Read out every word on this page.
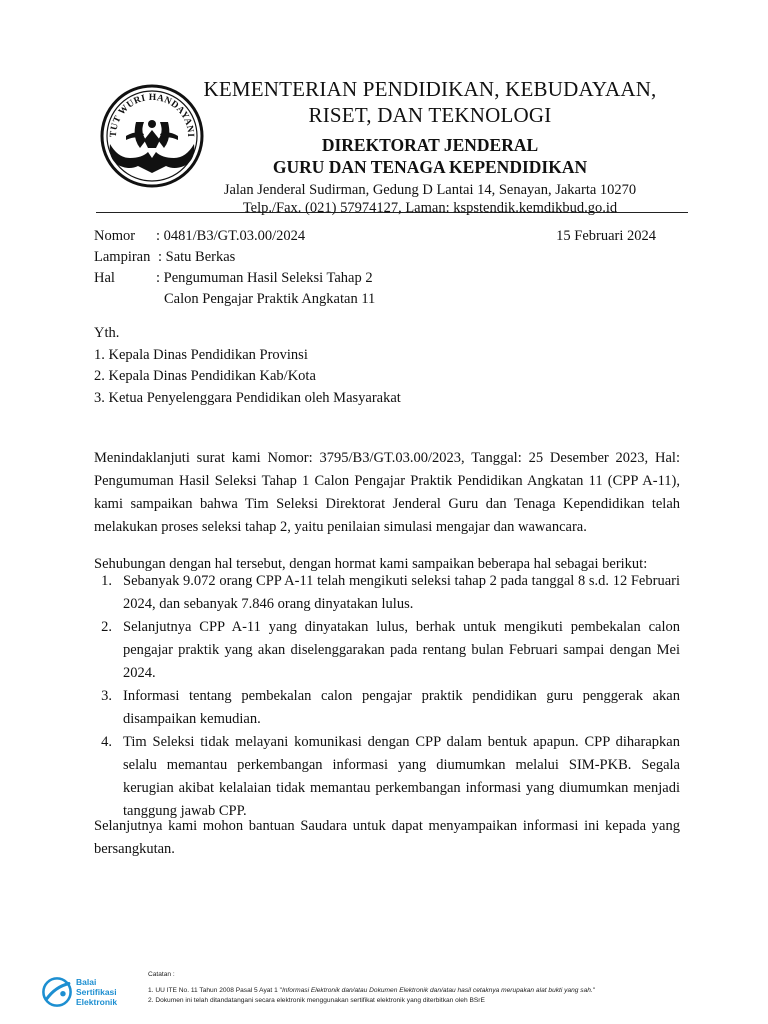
TUT WURI HANDAYANI
KEMENTERIAN PENDIDIKAN, KEBUDAYAAN,
RISET, DAN TEKNOLOGI
DIREKTORAT JENDERAL
GURU DAN TENAGA KEPENDIDIKAN
Jalan Jenderal Sudirman, Gedung D Lantai 14, Senayan, Jakarta 10270
Telp./Fax. (021) 57974127, Laman: kspstendik.kemdikbud.go.id
Nomor : 0481/B3/GT.03.00/2024	15 Februari 2024
Lampiran : Satu Berkas
Hal	: Pengumuman Hasil Seleksi Tahap 2
Calon Pengajar Praktik Angkatan 11
Yth.
1. Kepala Dinas Pendidikan Provinsi
2. Kepala Dinas Pendidikan Kab/Kota
3. Ketua Penyelenggara Pendidikan oleh Masyarakat
Menindaklanjuti surat kami Nomor: 3795/B3/GT.03.00/2023, Tanggal: 25 Desember 2023, Hal: Pengumuman Hasil Seleksi Tahap 1 Calon Pengajar Praktik Pendidikan Angkatan 11 (CPP A-11), kami sampaikan bahwa Tim Seleksi Direktorat Jenderal Guru dan Tenaga Kependidikan telah melakukan proses seleksi tahap 2, yaitu penilaian simulasi mengajar dan wawancara.
Sehubungan dengan hal tersebut, dengan hormat kami sampaikan beberapa hal sebagai berikut:
1. Sebanyak 9.072 orang CPP A-11 telah mengikuti seleksi tahap 2 pada tanggal 8 s.d. 12 Februari 2024, dan sebanyak 7.846 orang dinyatakan lulus.
2. Selanjutnya CPP A-11 yang dinyatakan lulus, berhak untuk mengikuti pembekalan calon pengajar praktik yang akan diselenggarakan pada rentang bulan Februari sampai dengan Mei 2024.
3. Informasi tentang pembekalan calon pengajar praktik pendidikan guru penggerak akan disampaikan kemudian.
4. Tim Seleksi tidak melayani komunikasi dengan CPP dalam bentuk apapun. CPP diharapkan selalu memantau perkembangan informasi yang diumumkan melalui SIM-PKB. Segala kerugian akibat kelalaian tidak memantau perkembangan informasi yang diumumkan menjadi tanggung jawab CPP.
Selanjutnya kami mohon bantuan Saudara untuk dapat menyampaikan informasi ini kepada yang bersangkutan.
Balai
Sertifikasi
Elektronik
Catatan :
1. UU ITE No. 11 Tahun 2008 Pasal 5 Ayat 1 "Informasi Elektronik dan/atau Dokumen Elektronik dan/atau hasil cetaknya merupakan alat bukti yang sah."
2. Dokumen ini telah ditandatangani secara elektronik menggunakan sertifikat elektronik yang diterbitkan oleh BSrE
